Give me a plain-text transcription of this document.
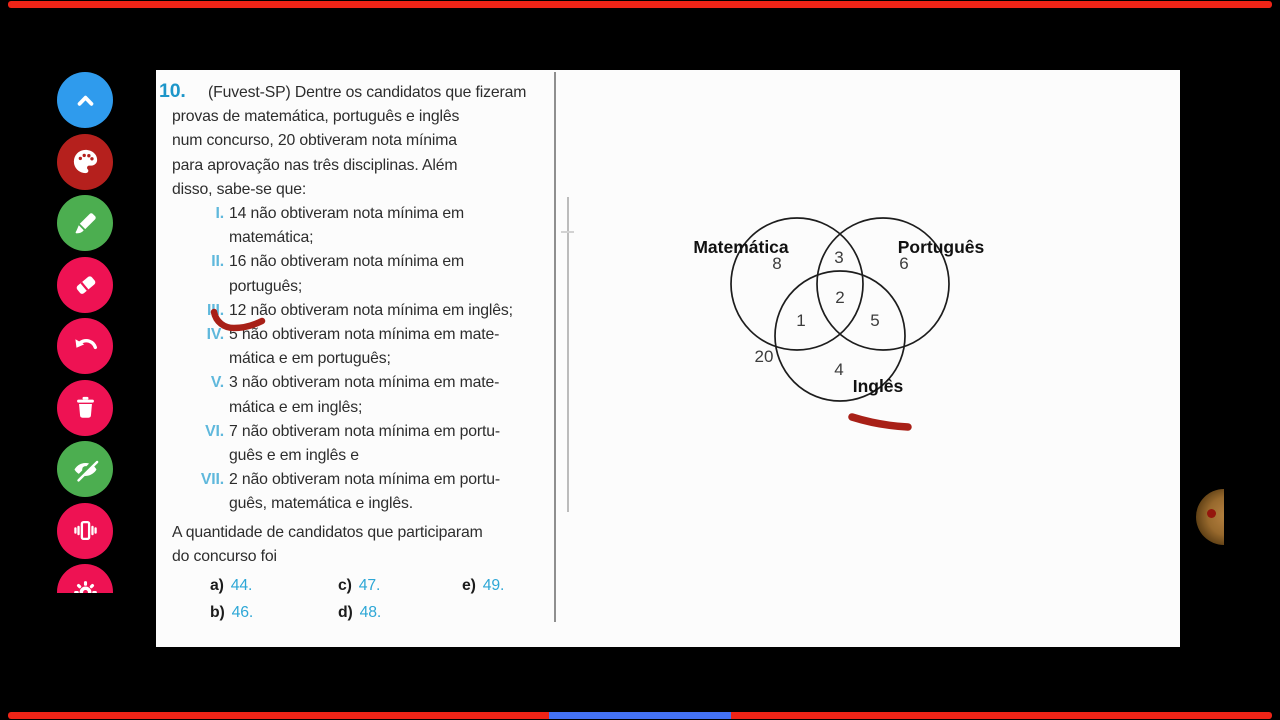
10. (Fuvest-SP) Dentre os candidatos que fizeram
provas de matemática, português e inglês
num concurso, 20 obtiveram nota mínima
para aprovação nas três disciplinas. Além
disso, sabe-se que:
I. 14 não obtiveram nota mínima em
matemática;
II. 16 não obtiveram nota mínima em
português;
III. 12 não obtiveram nota mínima em inglês;
IV. 5 não obtiveram nota mínima em mate-
mática e em português;
V. 3 não obtiveram nota mínima em mate-
mática e em inglês;
VI. 7 não obtiveram nota mínima em portu-
guês e em inglês e
VII. 2 não obtiveram nota mínima em portu-
guês, matemática e inglês.
A quantidade de candidatos que participaram
do concurso foi
a) 44.	c) 47.	e) 49.
b) 46.	d) 48.
Matemática	Português
Inglês
8	3	6
2
1	5
20
4
